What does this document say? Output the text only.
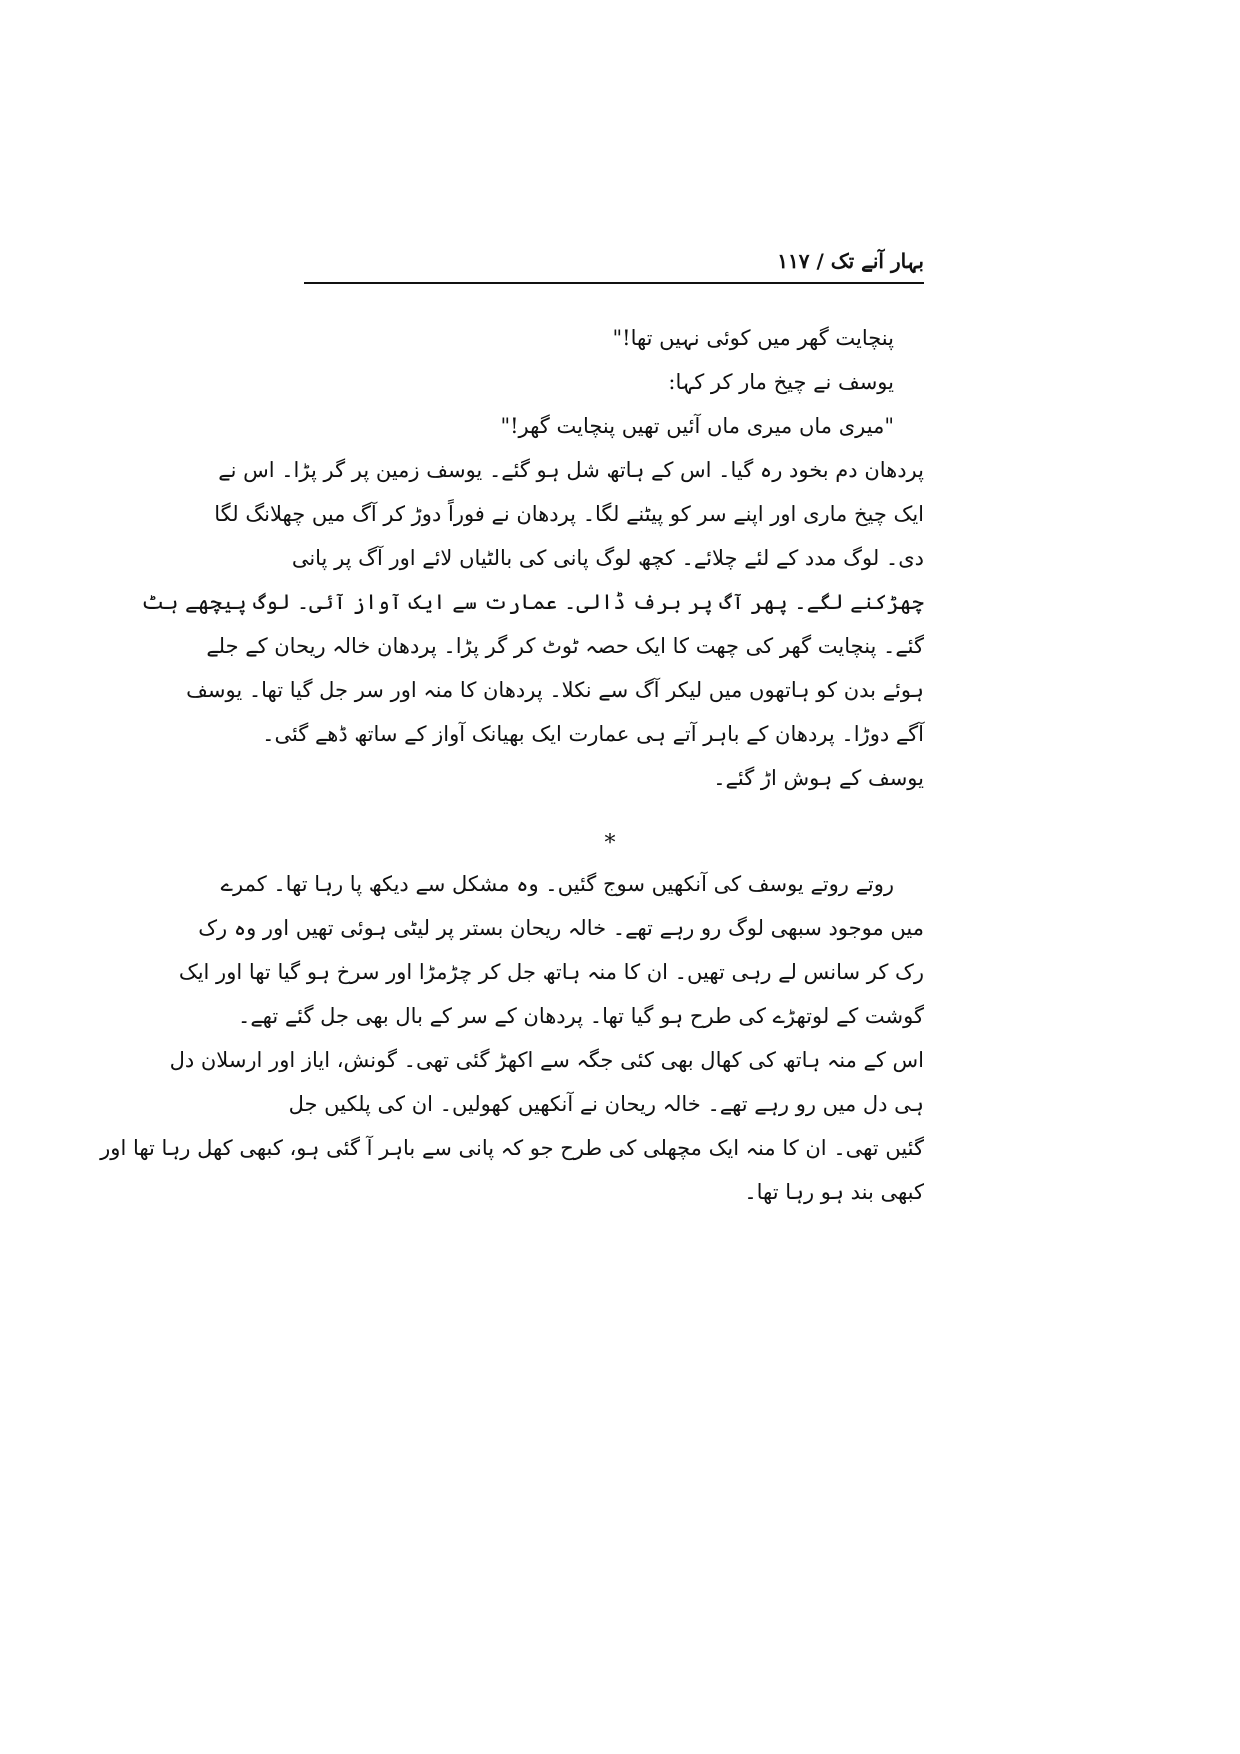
بہار آنے تک / ۱۱۷
پنچایت گھر میں کوئی نہیں تھا!"
یوسف نے چیخ مار کر کہا:
"میری ماں میری ماں آئیں تھیں پنچایت گھر!"
پردھان دم بخود رہ گیا۔ اس کے ہاتھ شل ہو گئے۔ یوسف زمین پر گر پڑا۔ اس نے
ایک چیخ ماری اور اپنے سر کو پیٹنے لگا۔ پردھان نے فوراً دوڑ کر آگ میں چھلانگ لگا
دی۔ لوگ مدد کے لئے چلائے۔ کچھ لوگ پانی کی بالٹیاں لائے اور آگ پر پانی
چھڑکنے لگے۔ پھر آگ پر برف ڈالی۔ عمارت سے ایک آواز آئی۔ لوگ پیچھے ہٹ
گئے۔ پنچایت گھر کی چھت کا ایک حصہ ٹوٹ کر گر پڑا۔ پردھان خالہ ریحان کے جلے
ہوئے بدن کو ہاتھوں میں لیکر آگ سے نکلا۔ پردھان کا منہ اور سر جل گیا تھا۔ یوسف
آگے دوڑا۔ پردھان کے باہر آتے ہی عمارت ایک بھیانک آواز کے ساتھ ڈھے گئی۔
یوسف کے ہوش اڑ گئے۔
*
روتے روتے یوسف کی آنکھیں سوج گئیں۔ وہ مشکل سے دیکھ پا رہا تھا۔ کمرے
میں موجود سبھی لوگ رو رہے تھے۔ خالہ ریحان بستر پر لیٹی ہوئی تھیں اور وہ رک
رک کر سانس لے رہی تھیں۔ ان کا منہ ہاتھ جل کر چڑمڑا اور سرخ ہو گیا تھا اور ایک
گوشت کے لوتھڑے کی طرح ہو گیا تھا۔ پردھان کے سر کے بال بھی جل گئے تھے۔
اس کے منہ ہاتھ کی کھال بھی کئی جگہ سے اکھڑ گئی تھی۔ گونش، ایاز اور ارسلان دل
ہی دل میں رو رہے تھے۔ خالہ ریحان نے آنکھیں کھولیں۔ ان کی پلکیں جل
گئیں تھی۔ ان کا منہ ایک مچھلی کی طرح جو کہ پانی سے باہر آ گئی ہو، کبھی کھل رہا تھا اور
کبھی بند ہو رہا تھا۔
